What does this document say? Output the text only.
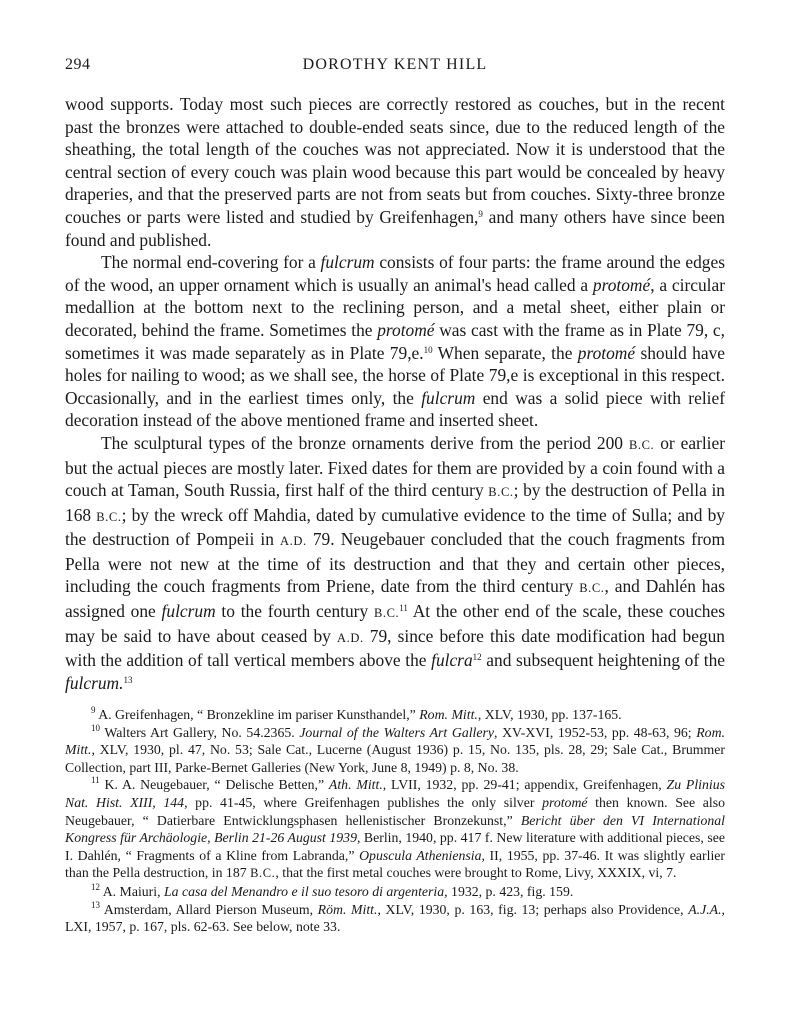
294	DOROTHY KENT HILL

wood supports. Today most such pieces are correctly restored as couches, but in the recent past the bronzes were attached to double-ended seats since, due to the reduced length of the sheathing, the total length of the couches was not appreciated. Now it is understood that the central section of every couch was plain wood because this part would be concealed by heavy draperies, and that the preserved parts are not from seats but from couches. Sixty-three bronze couches or parts were listed and studied by Greifenhagen,$^9$ and many others have since been found and published.

The normal end-covering for a fulcrum consists of four parts: the frame around the edges of the wood, an upper ornament which is usually an animal's head called a protomé, a circular medallion at the bottom next to the reclining person, and a metal sheet, either plain or decorated, behind the frame. Sometimes the protomé was cast with the frame as in Plate 79, c, sometimes it was made separately as in Plate 79,e.$^{10}$ When separate, the protomé should have holes for nailing to wood; as we shall see, the horse of Plate 79,e is exceptional in this respect. Occasionally, and in the earliest times only, the fulcrum end was a solid piece with relief decoration instead of the above mentioned frame and inserted sheet.

The sculptural types of the bronze ornaments derive from the period 200 B.C. or earlier but the actual pieces are mostly later. Fixed dates for them are provided by a coin found with a couch at Taman, South Russia, first half of the third century B.C.; by the destruction of Pella in 168 B.C.; by the wreck off Mahdia, dated by cumulative evidence to the time of Sulla; and by the destruction of Pompeii in A.D. 79. Neugebauer concluded that the couch fragments from Pella were not new at the time of its destruction and that they and certain other pieces, including the couch fragments from Priene, date from the third century B.C., and Dahlén has assigned one fulcrum to the fourth century B.C.$^{11}$ At the other end of the scale, these couches may be said to have about ceased by A.D. 79, since before this date modification had begun with the addition of tall vertical members above the fulcra$^{12}$ and subsequent heightening of the fulcrum.$^{13}$

$^9$ A. Greifenhagen, “ Bronzekline im pariser Kunsthandel,” Rom. Mitt., XLV, 1930, pp. 137-165.

$^{10}$ Walters Art Gallery, No. 54.2365. Journal of the Walters Art Gallery, XV-XVI, 1952-53, pp. 48-63, 96; Rom. Mitt., XLV, 1930, pl. 47, No. 53; Sale Cat., Lucerne (August 1936) p. 15, No. 135, pls. 28, 29; Sale Cat., Brummer Collection, part III, Parke-Bernet Galleries (New York, June 8, 1949) p. 8, No. 38.

$^{11}$ K. A. Neugebauer, “ Delische Betten,” Ath. Mitt., LVII, 1932, pp. 29-41; appendix, Greifenhagen, Zu Plinius Nat. Hist. XIII, 144, pp. 41-45, where Greifenhagen publishes the only silver protomé then known. See also Neugebauer, “ Datierbare Entwicklungsphasen hellenistischer Bronzekunst,” Bericht über den VI International Kongress für Archäologie, Berlin 21-26 August 1939, Berlin, 1940, pp. 417 f. New literature with additional pieces, see I. Dahlén, “ Fragments of a Kline from Labranda,” Opuscula Atheniensia, II, 1955, pp. 37-46. It was slightly earlier than the Pella destruction, in 187 B.C., that the first metal couches were brought to Rome, Livy, XXXIX, vi, 7.

$^{12}$ A. Maiuri, La casa del Menandro e il suo tesoro di argenteria, 1932, p. 423, fig. 159.

$^{13}$ Amsterdam, Allard Pierson Museum, Röm. Mitt., XLV, 1930, p. 163, fig. 13; perhaps also Providence, A.J.A., LXI, 1957, p. 167, pls. 62-63. See below, note 33.
